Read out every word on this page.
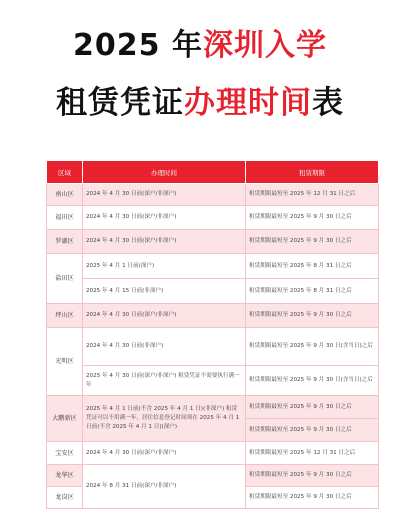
2025 年深圳入学
租赁凭证办理时间表
区域	办理时间	租赁期限
南山区	2024 年 4 月 30 日前(深户/非深户)	租赁期限最短至 2025 年 12 月 31 日之后
福田区	2024 年 4 月 30 日前(深户/非深户)	租赁期限最短至 2025 年 9 月 30 日之后
罗湖区	2024 年 4 月 30 日前(深户/非深户)	租赁期限最短至 2025 年 9 月 30 日之后
盐田区	2025 年 4 月 1 日前(深户)	租赁期限最短至 2025 年 8 月 31 日之后
	2025 年 4 月 15 日前(非深户)	租赁期限最短至 2025 年 8 月 31 日之后
坪山区	2024 年 4 月 30 日前(深户/非深户)	租赁期限最短至 2025 年 9 月 30 日之后
光明区	2024 年 4 月 30 日前(非深户)	租赁期限最短至 2025 年 9 月 30 日(含当日)之后
	2025 年 4 月 30 日前(深户/非深户) 租赁凭证不需要执行满一年	租赁期限最短至 2025 年 9 月 30 日(含当日)之后
大鹏新区	2025 年 4 月 1 日前(不含 2025 年 4 月 1 日)(非深户) 租赁凭证可以不用满一年，居住信息登记时间须在 2025 年 4 月 1 日前(不含 2025 年 4 月 1 日)(深户)	租赁期限最短至 2025 年 9 月 30 日之后
		租赁期限最短至 2025 年 9 月 30 日之后
宝安区	2024 年 4 月 30 日前(深户/非深户)	租赁期限最短至 2025 年 12 月 31 日之后
龙华区	2024 年 8 月 31 日前(深户/非深户)	租赁期限最短至 2025 年 9 月 30 日之后
龙岗区		租赁期限最短至 2025 年 9 月 30 日之后
